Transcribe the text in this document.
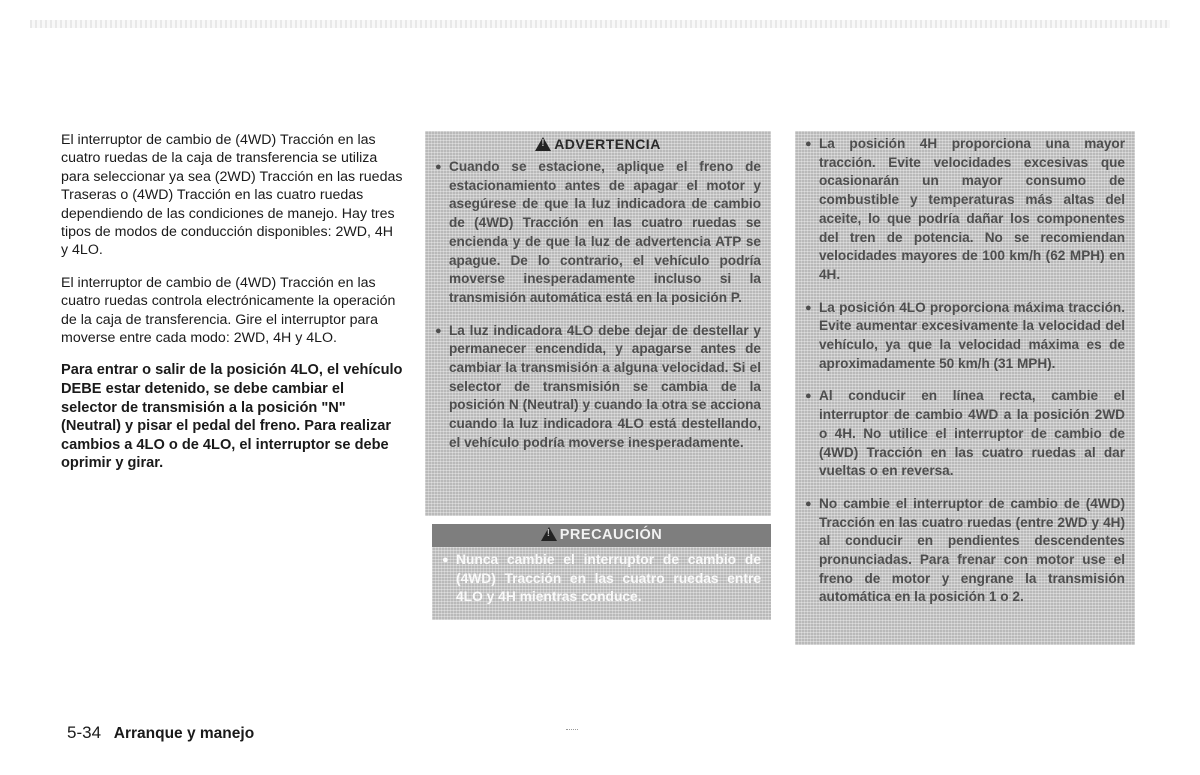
El interruptor de cambio de (4WD) Tracción en las cuatro ruedas de la caja de transferencia se utiliza para seleccionar ya sea (2WD) Tracción en las ruedas Traseras o (4WD) Tracción en las cuatro ruedas dependiendo de las condiciones de manejo. Hay tres tipos de modos de conducción disponibles: 2WD, 4H y 4LO.

El interruptor de cambio de (4WD) Tracción en las cuatro ruedas controla electrónicamente la operación de la caja de transferencia. Gire el interruptor para moverse entre cada modo: 2WD, 4H y 4LO.

Para entrar o salir de la posición 4LO, el vehículo DEBE estar detenido, se debe cambiar el selector de transmisión a la posición "N" (Neutral) y pisar el pedal del freno. Para realizar cambios a 4LO o de 4LO, el interruptor se debe oprimir y girar.

!ADVERTENCIA
● Cuando se estacione, aplique el freno de estacionamiento antes de apagar el motor y asegúrese de que la luz indicadora de cambio de (4WD) Tracción en las cuatro ruedas se encienda y de que la luz de advertencia ATP se apague. De lo contrario, el vehículo podría moverse inesperadamente incluso si la transmisión automática está en la posición P.
● La luz indicadora 4LO debe dejar de destellar y permanecer encendida, y apagarse antes de cambiar la transmisión a alguna velocidad. Si el selector de transmisión se cambia de la posición N (Neutral) y cuando la otra se acciona cuando la luz indicadora 4LO está destellando, el vehículo podría moverse inesperadamente.
!PRECAUCIÓN
● Nunca cambie el interruptor de cambio de (4WD) Tracción en las cuatro ruedas entre 4LO y 4H mientras conduce.
● La posición 4H proporciona una mayor tracción. Evite velocidades excesivas que ocasionarán un mayor consumo de combustible y temperaturas más altas del aceite, lo que podría dañar los componentes del tren de potencia. No se recomiendan velocidades mayores de 100 km/h (62 MPH) en 4H.
● La posición 4LO proporciona máxima tracción. Evite aumentar excesivamente la velocidad del vehículo, ya que la velocidad máxima es de aproximadamente 50 km/h (31 MPH).
● Al conducir en línea recta, cambie el interruptor de cambio 4WD a la posición 2WD o 4H. No utilice el interruptor de cambio de (4WD) Tracción en las cuatro ruedas al dar vueltas o en reversa.
● No cambie el interruptor de cambio de (4WD) Tracción en las cuatro ruedas (entre 2WD y 4H) al conducir en pendientes descendentes pronunciadas. Para frenar con motor use el freno de motor y engrane la transmisión automática en la posición 1 o 2.
5-34 Arranque y manejo
